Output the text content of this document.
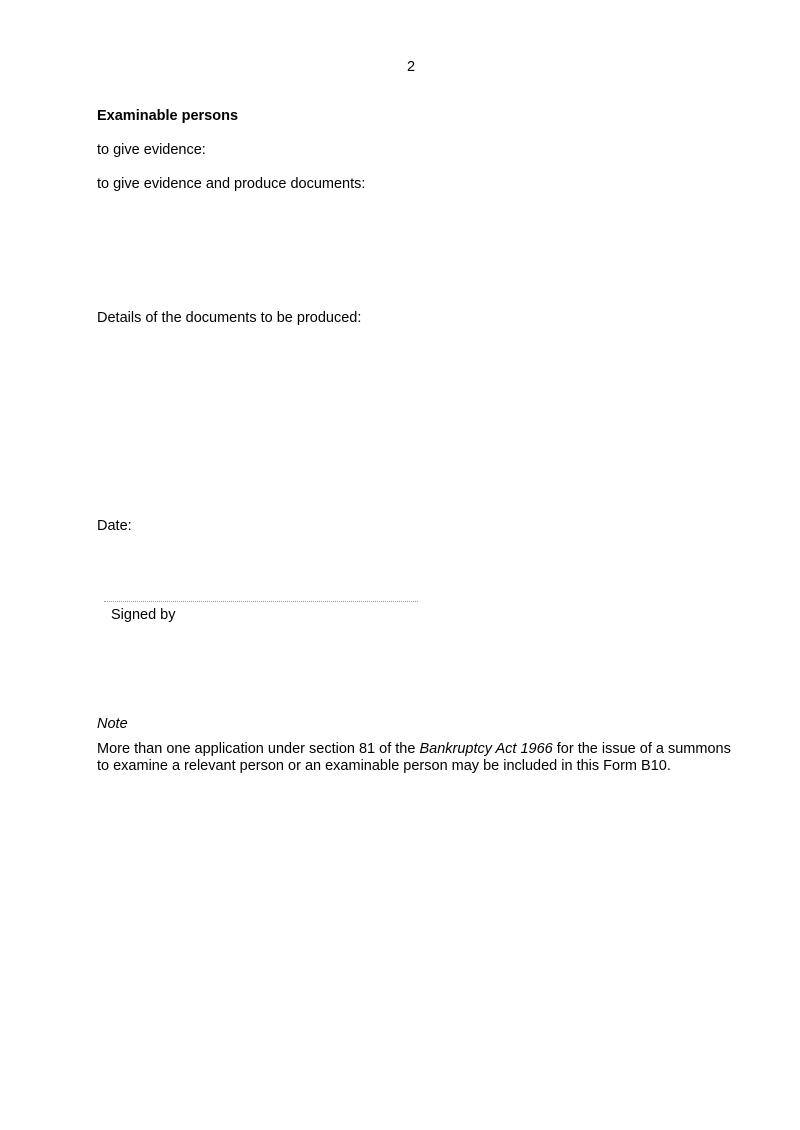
2
Examinable persons
to give evidence:
to give evidence and produce documents:
Details of the documents to be produced:
Date:
Signed by
Note
More than one application under section 81 of the Bankruptcy Act 1966 for the issue of a summons to examine a relevant person or an examinable person may be included in this Form B10.
